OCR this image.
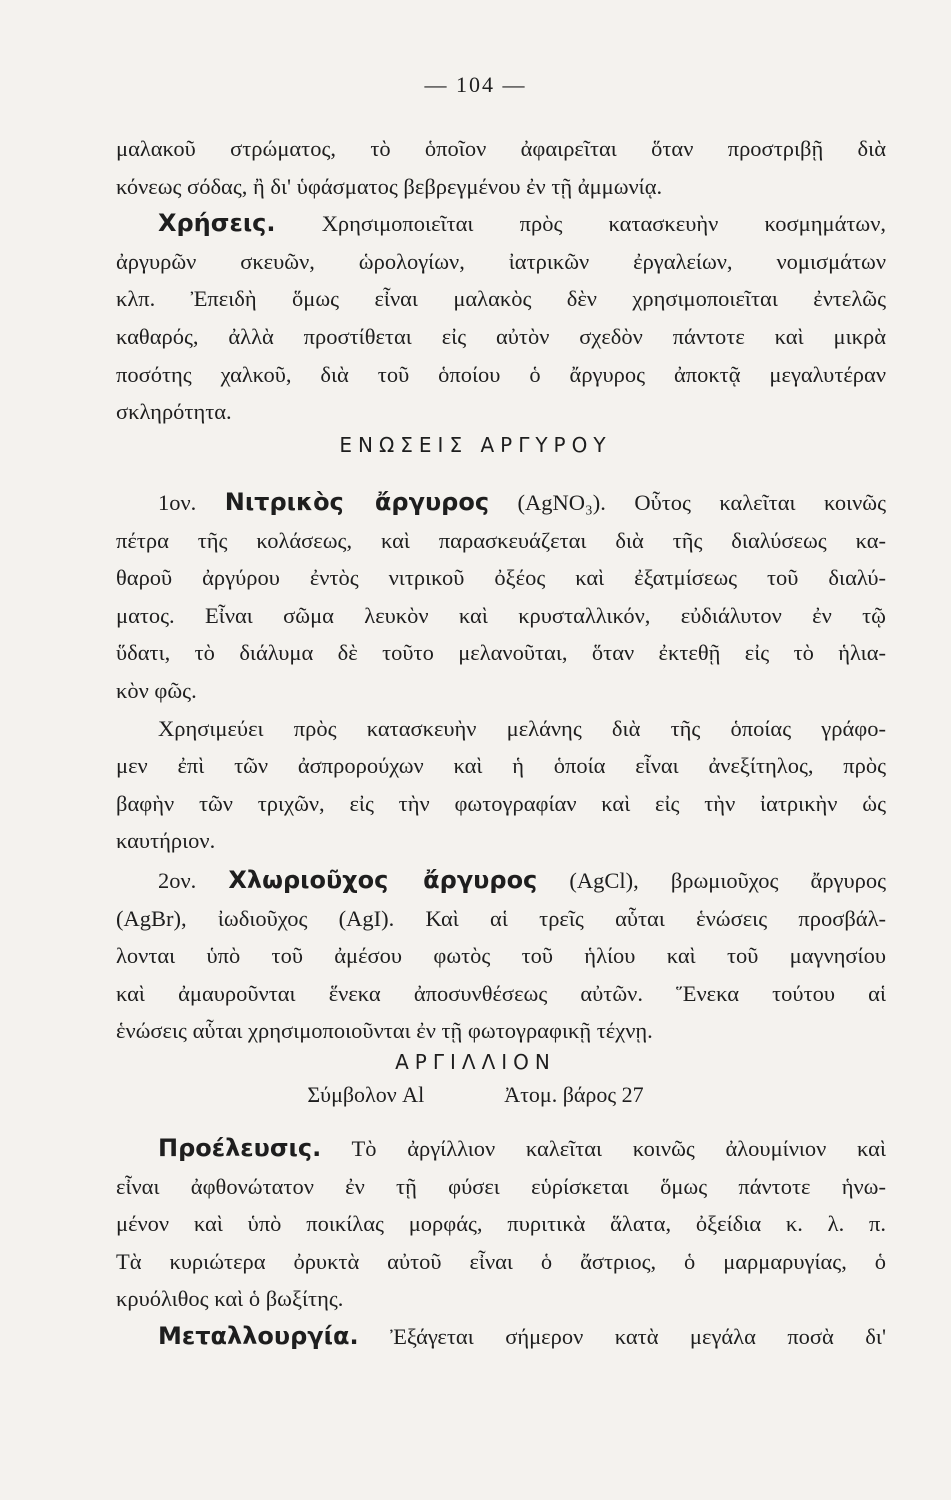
— 104 —

μαλακοῦ στρώματος, τὸ ὁποῖον ἀφαιρεῖται ὅταν προστριβῇ διὰ

κόνεως σόδας, ἢ δι' ὑφάσματος βεβρεγμένου ἐν τῇ ἀμμωνίᾳ.

Χρήσεις. Χρησιμοποιεῖται πρὸς κατασκευὴν κοσμημάτων,

ἀργυρῶν σκευῶν, ὡρολογίων, ἰατρικῶν ἐργαλείων, νομισμάτων

κλπ. Ἐπειδὴ ὅμως εἶναι μαλακὸς δὲν χρησιμοποιεῖται ἐντελῶς

καθαρός, ἀλλὰ προστίθεται εἰς αὐτὸν σχεδὸν πάντοτε καὶ μικρὰ

ποσότης χαλκοῦ, διὰ τοῦ ὁποίου ὁ ἄργυρος ἀποκτᾷ μεγαλυτέραν

σκληρότητα.

ΕΝΩΣΕΙΣ ΑΡΓΥΡΟΥ

1ον. Νιτρικὸς ἄργυρος (AgNO₃). Οὗτος καλεῖται κοινῶς

πέτρα τῆς κολάσεως, καὶ παρασκευάζεται διὰ τῆς διαλύσεως κα-

θαροῦ ἀργύρου ἐντὸς νιτρικοῦ ὀξέος καὶ ἐξατμίσεως τοῦ διαλύ-

ματος. Εἶναι σῶμα λευκὸν καὶ κρυσταλλικόν, εὐδιάλυτον ἐν τῷ

ὕδατι, τὸ διάλυμα δὲ τοῦτο μελανοῦται, ὅταν ἐκτεθῇ εἰς τὸ ἡλια-

κὸν φῶς.

Χρησιμεύει πρὸς κατασκευὴν μελάνης διὰ τῆς ὁποίας γράφο-

μεν ἐπὶ τῶν ἀσπρορούχων καὶ ἡ ὁποία εἶναι ἀνεξίτηλος, πρὸς

βαφὴν τῶν τριχῶν, εἰς τὴν φωτογραφίαν καὶ εἰς τὴν ἰατρικὴν ὡς

καυτήριον.

2ον. Χλωριοῦχος ἄργυρος (AgCl), βρωμιοῦχος ἄργυρος

(AgBr), ἰωδιοῦχος (AgI). Καὶ αἱ τρεῖς αὗται ἑνώσεις προσβάλ-

λονται ὑπὸ τοῦ ἀμέσου φωτὸς τοῦ ἡλίου καὶ τοῦ μαγνησίου

καὶ ἀμαυροῦνται ἕνεκα ἀποσυνθέσεως αὐτῶν. Ἕνεκα τούτου αἱ

ἑνώσεις αὗται χρησιμοποιοῦνται ἐν τῇ φωτογραφικῇ τέχνῃ.

ΑΡΓΙΛΛΙΟΝ

Σύμβολον Al	Ἀτομ. βάρος 27

Προέλευσις. Τὸ ἀργίλλιον καλεῖται κοινῶς ἀλουμίνιον καὶ

εἶναι ἀφθονώτατον ἐν τῇ φύσει εὑρίσκεται ὅμως πάντοτε ἡνω-

μένον καὶ ὑπὸ ποικίλας μορφάς, πυριτικὰ ἅλατα, ὀξείδια κ. λ. π.

Τὰ κυριώτερα ὀρυκτὰ αὐτοῦ εἶναι ὁ ἄστριος, ὁ μαρμαρυγίας, ὁ

κρυόλιθος καὶ ὁ βωξίτης.

Μεταλλουργία. Ἐξάγεται σήμερον κατὰ μεγάλα ποσὰ δι'
